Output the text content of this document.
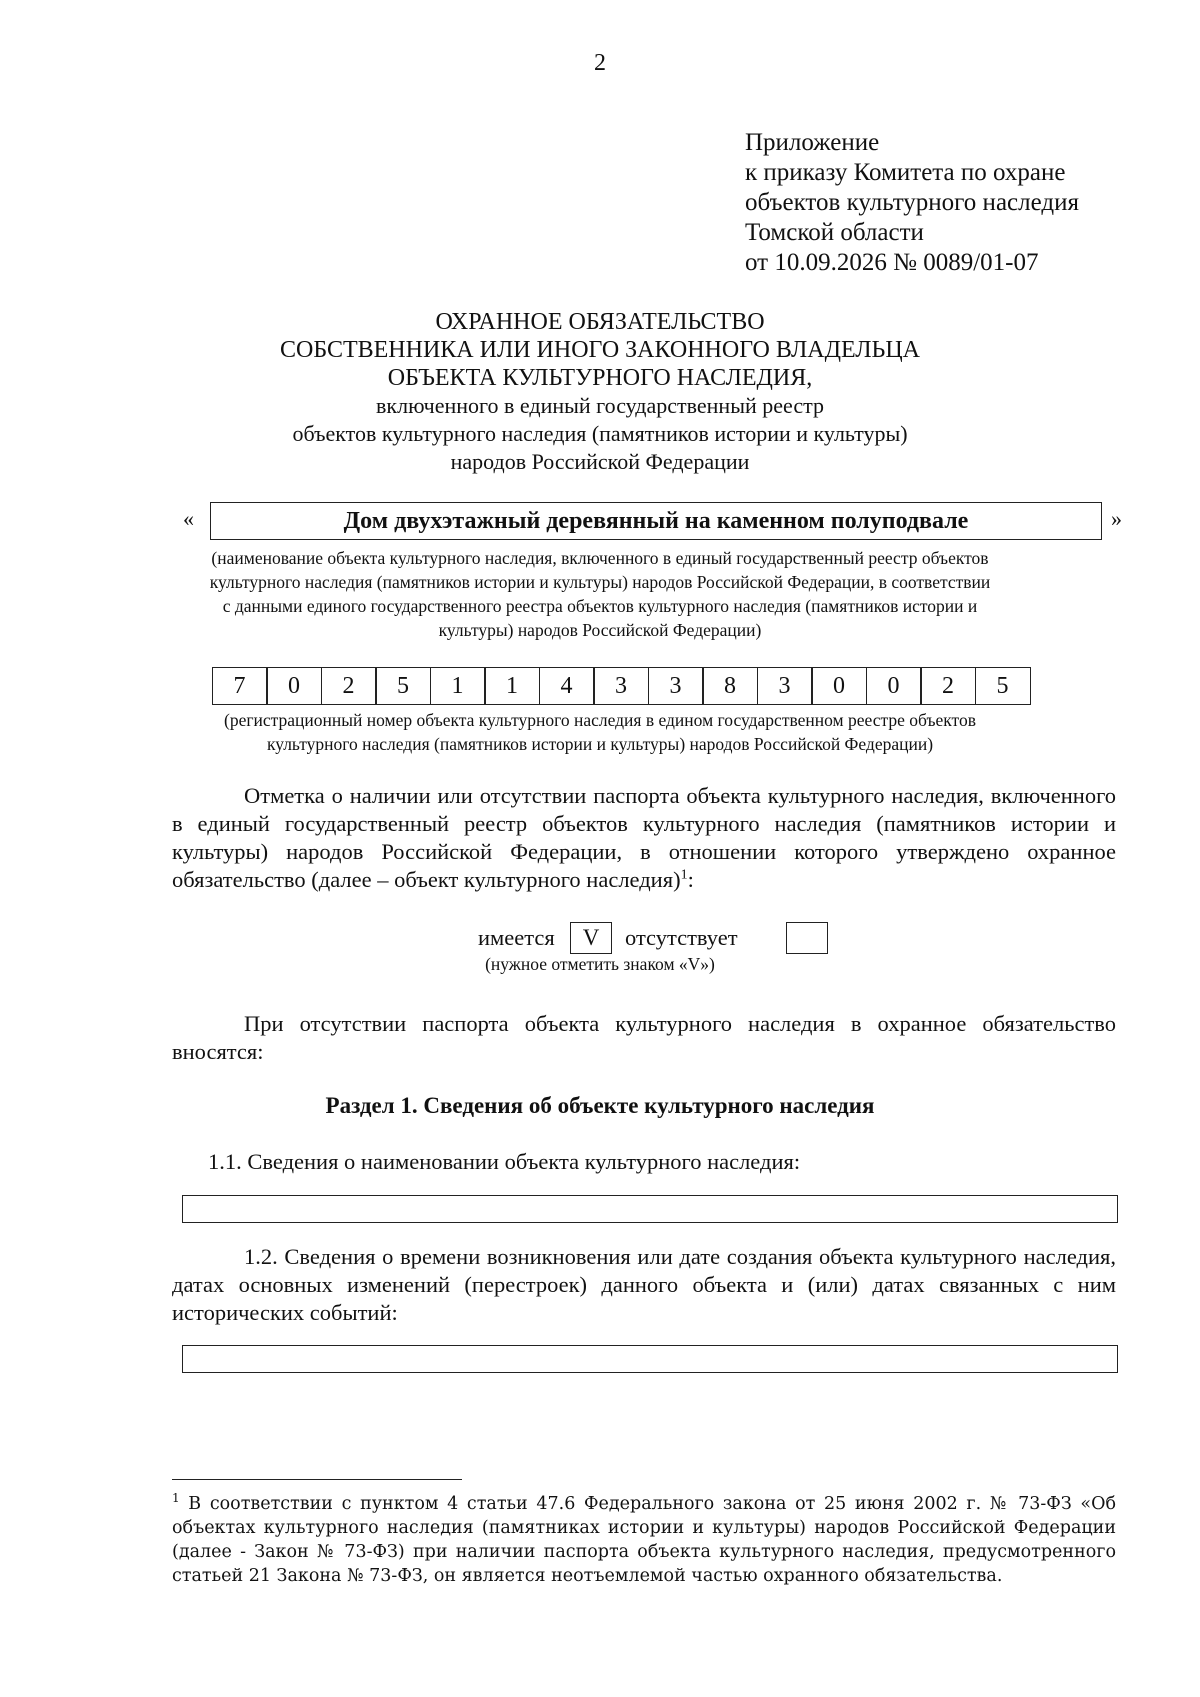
2
Приложение
к приказу Комитета по охране
объектов культурного наследия
Томской области
от 10.09.2026 № 0089/01-07
ОХРАННОЕ ОБЯЗАТЕЛЬСТВО
СОБСТВЕННИКА ИЛИ ИНОГО ЗАКОННОГО ВЛАДЕЛЬЦА
ОБЪЕКТА КУЛЬТУРНОГО НАСЛЕДИЯ,
включенного в единый государственный реестр
объектов культурного наследия (памятников истории и культуры)
народов Российской Федерации
«	Дом двухэтажный деревянный на каменном полуподвале	»
(наименование объекта культурного наследия, включенного в единый государственный реестр объектов
культурного наследия (памятников истории и культуры) народов Российской Федерации, в соответствии
с данными единого государственного реестра объектов культурного наследия (памятников истории и
культуры) народов Российской Федерации)
7	0	2	5	1	1	4	3	3	8	3	0	0	2	5
(регистрационный номер объекта культурного наследия в едином государственном реестре объектов
культурного наследия (памятников истории и культуры) народов Российской Федерации)
Отметка о наличии или отсутствии паспорта объекта культурного наследия, включенного в единый государственный реестр объектов культурного наследия (памятников истории и культуры) народов Российской Федерации, в отношении которого утверждено охранное обязательство (далее – объект культурного наследия)$^1$:
имеется	V	отсутствует
(нужное отметить знаком «V»)
При отсутствии паспорта объекта культурного наследия в охранное обязательство вносятся:
Раздел 1. Сведения об объекте культурного наследия
1.1. Сведения о наименовании объекта культурного наследия:
1.2. Сведения о времени возникновения или дате создания объекта культурного наследия, датах основных изменений (перестроек) данного объекта и (или) датах связанных с ним исторических событий:
$^1$ В соответствии с пунктом 4 статьи 47.6 Федерального закона от 25 июня 2002 г. № 73-ФЗ «Об объектах культурного наследия (памятниках истории и культуры) народов Российской Федерации (далее - Закон № 73-ФЗ) при наличии паспорта объекта культурного наследия, предусмотренного статьей 21 Закона № 73-ФЗ, он является неотъемлемой частью охранного обязательства.
